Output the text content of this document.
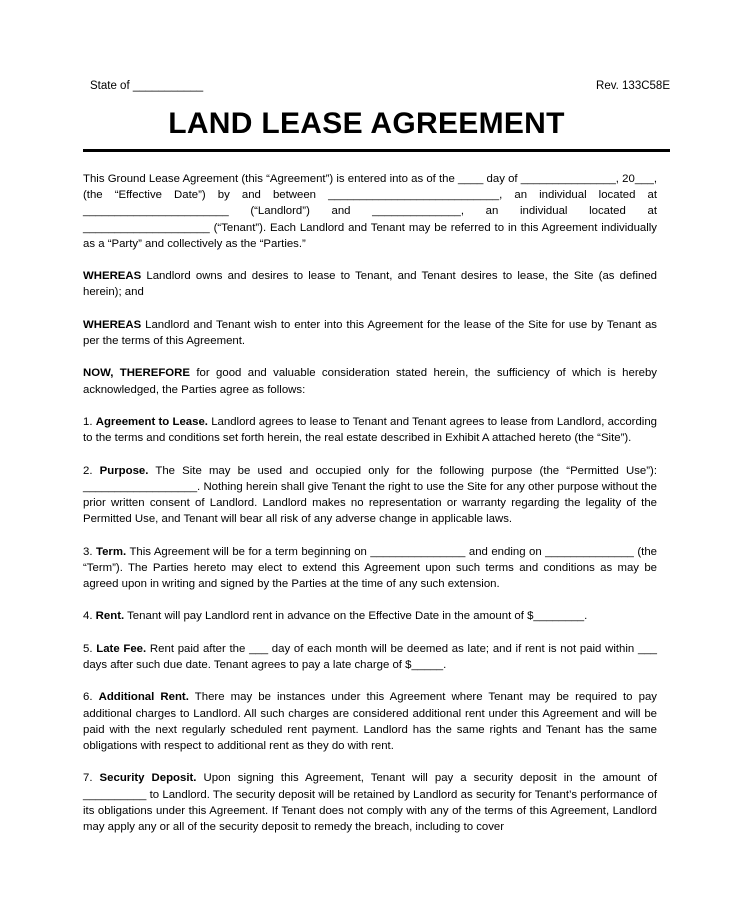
State of ___________	Rev. 133C58E
LAND LEASE AGREEMENT

This Ground Lease Agreement (this “Agreement”) is entered into as of the ____ day of _______________, 20___, (the “Effective Date”) by and between ___________________________, an individual located at _______________________ (“Landlord”) and ______________, an individual located at ____________________ (“Tenant”). Each Landlord and Tenant may be referred to in this Agreement individually as a “Party” and collectively as the “Parties.”

WHEREAS Landlord owns and desires to lease to Tenant, and Tenant desires to lease, the Site (as defined herein); and

WHEREAS Landlord and Tenant wish to enter into this Agreement for the lease of the Site for use by Tenant as per the terms of this Agreement.

NOW, THEREFORE for good and valuable consideration stated herein, the sufficiency of which is hereby acknowledged, the Parties agree as follows:

1. Agreement to Lease. Landlord agrees to lease to Tenant and Tenant agrees to lease from Landlord, according to the terms and conditions set forth herein, the real estate described in Exhibit A attached hereto (the “Site”).

2. Purpose. The Site may be used and occupied only for the following purpose (the “Permitted Use”): __________________. Nothing herein shall give Tenant the right to use the Site for any other purpose without the prior written consent of Landlord. Landlord makes no representation or warranty regarding the legality of the Permitted Use, and Tenant will bear all risk of any adverse change in applicable laws.

3. Term. This Agreement will be for a term beginning on _______________ and ending on ______________ (the “Term”). The Parties hereto may elect to extend this Agreement upon such terms and conditions as may be agreed upon in writing and signed by the Parties at the time of any such extension.

4. Rent. Tenant will pay Landlord rent in advance on the Effective Date in the amount of $________.

5. Late Fee. Rent paid after the ___ day of each month will be deemed as late; and if rent is not paid within ___ days after such due date. Tenant agrees to pay a late charge of $_____.

6. Additional Rent. There may be instances under this Agreement where Tenant may be required to pay additional charges to Landlord. All such charges are considered additional rent under this Agreement and will be paid with the next regularly scheduled rent payment. Landlord has the same rights and Tenant has the same obligations with respect to additional rent as they do with rent.

7. Security Deposit. Upon signing this Agreement, Tenant will pay a security deposit in the amount of __________ to Landlord. The security deposit will be retained by Landlord as security for Tenant’s performance of its obligations under this Agreement. If Tenant does not comply with any of the terms of this Agreement, Landlord may apply any or all of the security deposit to remedy the breach, including to cover
